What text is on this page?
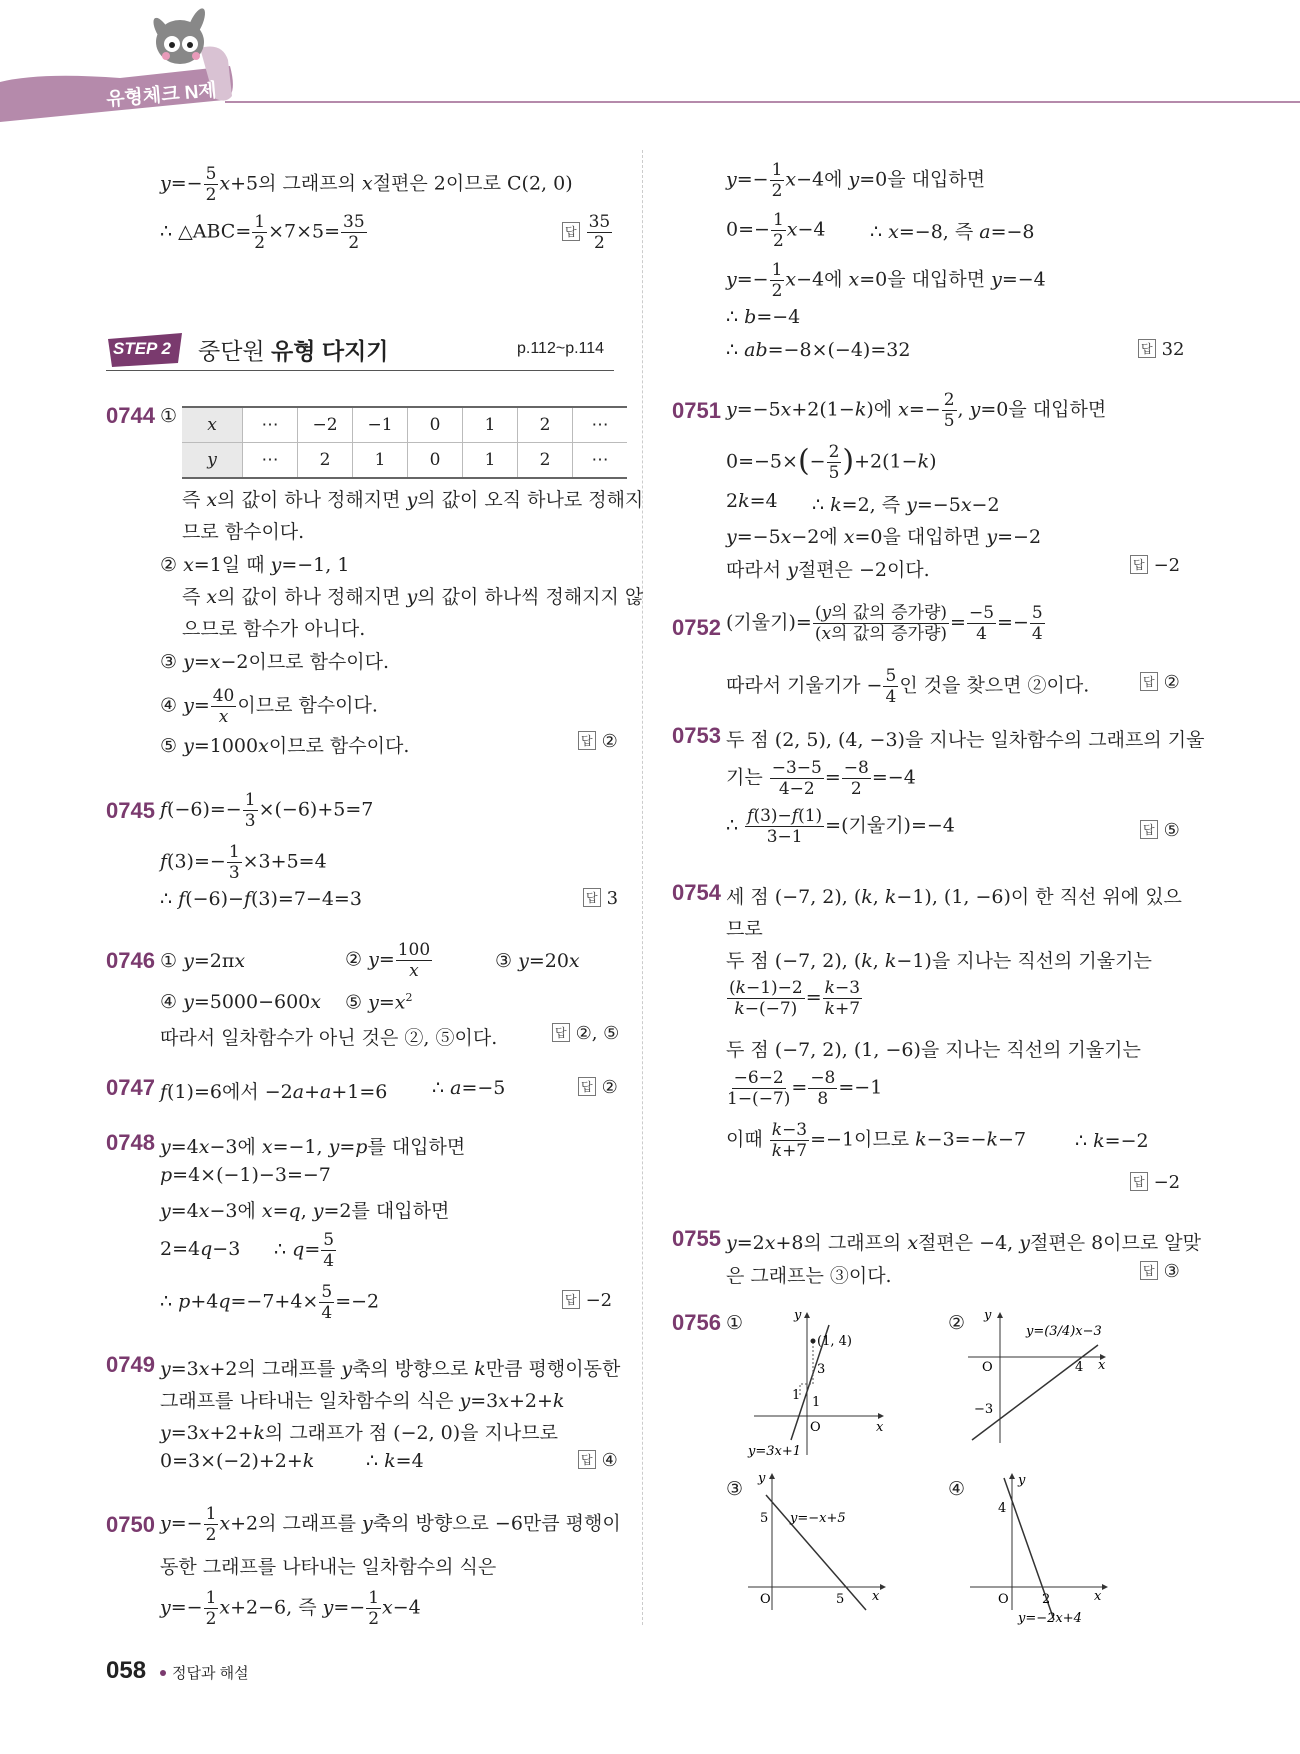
유형체크 N제
$y=- \frac{5}{2} x+5$의 그래프의 x절편은 2이므로 C(2, 0)
∴ △ABC= $\frac{1}{2} \times 7\times 5= \frac{35}{2}$	답 $\frac{35}{2}$
STEP 2 중단원 유형 다지기	p.112~p.114
0744 ① x	⋯	−2	−1	0	1	2	⋯
y	⋯	2	1	0	1	2	⋯
즉 x의 값이 하나 정해지면 y의 값이 오직 하나로 정해지
므로 함수이다.
② x=1일 때 y=−1, 1
즉 x의 값이 하나 정해지면 y의 값이 하나씩 정해지지 않
으므로 함수가 아니다.
③ y=x−2이므로 함수이다.
④ $y= \frac{40}{x}$ 이므로 함수이다.
⑤ y=1000x이므로 함수이다.	답 ②
0745 $f(-6)=- \frac{1}{3} \times(-6)+5=7$
$f(3)=- \frac{1}{3} \times 3+5=4$
∴ f(−6)−f(3)=7−4=3	답 3
0746 ① y=2πx	② $y= \frac{100}{x}$	③ y=20x
④ y=5000−600x ⑤ $y=x^2$
따라서 일차함수가 아닌 것은 ②, ⑤이다.	답 ②, ⑤
0747 f(1)=6에서 −2a+a+1=6 ∴ a=−5	답 ②
0748 y=4x−3에 x=−1, y=p를 대입하면
p=4×(−1)−3=−7
y=4x−3에 x=q, y=2를 대입하면
2=4q−3 ∴ $q= \frac{5}{4}$
∴ $p+4q=-7+4\times \frac{5}{4} =-2$	답 −2
0749 y=3x+2의 그래프를 y축의 방향으로 k만큼 평행이동한
그래프를 나타내는 일차함수의 식은 y=3x+2+k
y=3x+2+k의 그래프가 점 (−2, 0)을 지나므로
0=3×(−2)+2+k	∴ k=4	답 ④
0750 $y=- \frac{1}{2} x+2$의 그래프를 y축의 방향으로 −6만큼 평행이
동한 그래프를 나타내는 일차함수의 식은
$y=- \frac{1}{2} x+2-6$, 즉 $y=- \frac{1}{2} x-4$
$y=- \frac{1}{2} x-4$에 y=0을 대입하면
$0=- \frac{1}{2} x-4$ ∴ x=−8, 즉 a=−8
$y=- \frac{1}{2} x-4$에 x=0을 대입하면 y=−4
∴ b=−4
∴ ab=−8×(−4)=32	답 32
0751 y=−5x+2(1−k)에 $x=- \frac{2}{5}$ , y=0을 대입하면
$0=-5\times(- \frac{2}{5} )+2(1-k)$
2k=4 ∴ k=2, 즉 y=−5x−2
y=−5x−2에 x=0을 대입하면 y=−2
따라서 y절편은 −2이다.	답 −2
0752 (기울기)= $\frac{\text{(y의 값의 증가량)}}{\text{(x의 값의 증가량)}} = \frac{-5}{4} =- \frac{5}{4}$
따라서 기울기가 − $\frac{5}{4}$ 인 것을 찾으면 ②이다.	답 ②
0753 두 점 (2, 5), (4, −3)을 지나는 일차함수의 그래프의 기울
기는 $\frac{-3-5}{4-2} = \frac{-8}{2} =-4$
∴ $\frac{f(3)-f(1)}{3-1}$ =(기울기)=−4	답 ⑤
0754 세 점 (−7, 2), (k, k−1), (1, −6)이 한 직선 위에 있으
므로
두 점 (−7, 2), (k, k−1)을 지나는 직선의 기울기는
$\frac{(k-1)-2}{k-(-7)} = \frac{k-3}{k+7}$
두 점 (−7, 2), (1, −6)을 지나는 직선의 기울기는
$\frac{-6-2}{1-(-7)} = \frac{-8}{8} =-1$
이때 $\frac{k-3}{k+7} =-1$이므로 k−3=−k−7	∴ k=−2
답 −2
0755 y=2x+8의 그래프의 x절편은 −4, y절편은 8이므로 알맞
은 그래프는 ③이다.	답 ③
0756 ①	②
③	④
x
y
O
(1, 4)
3
1
1
y=3x+1
x
y
O	4
−3
y=(3/4)x−3
x
y
O	5
5 y=−x+5
x
y
O	2
4
y=−2x+4
058 정답과 해설
